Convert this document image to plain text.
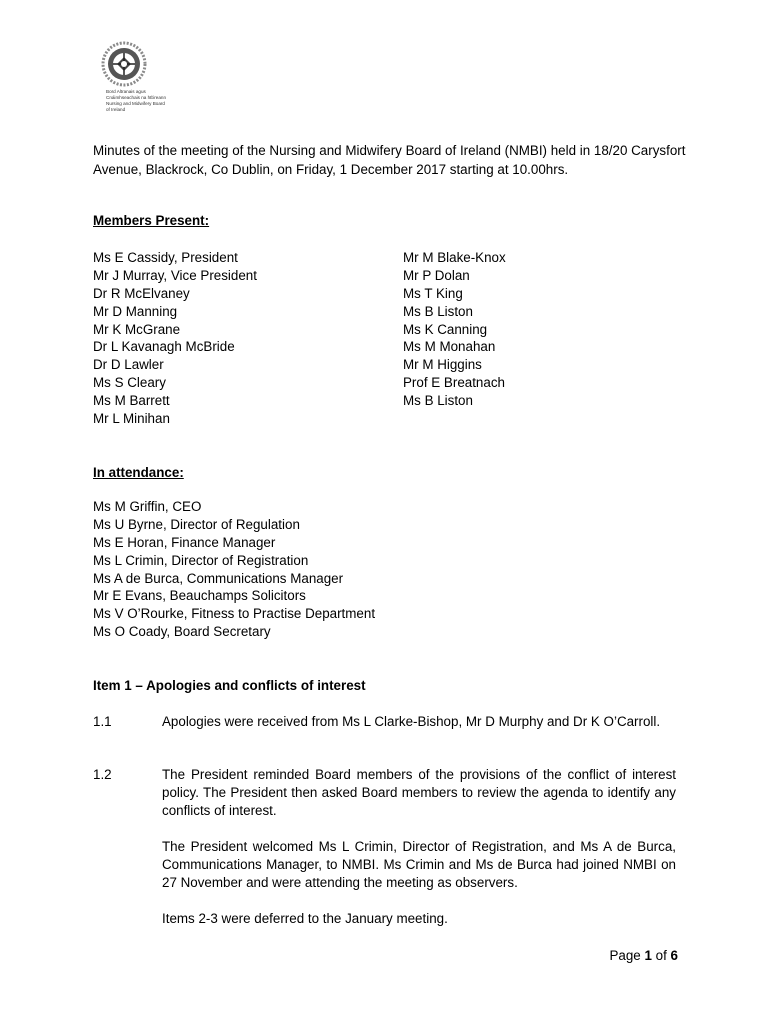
Bord Altranais agus
Cnáimhseachais na hÉireann
Nursing and Midwifery Board
of Ireland
Minutes of the meeting of the Nursing and Midwifery Board of Ireland (NMBI) held in 18/20 Carysfort Avenue, Blackrock, Co Dublin, on Friday, 1 December 2017 starting at 10.00hrs.
Members Present:
Ms E Cassidy, President
Mr J Murray, Vice President
Dr R McElvaney
Mr D Manning
Mr K McGrane
Dr L Kavanagh McBride
Dr D Lawler
Ms S Cleary
Ms M Barrett
Mr L Minihan
Mr M Blake-Knox
Mr P Dolan
Ms T King
Ms B Liston
Ms K Canning
Ms M Monahan
Mr M Higgins
Prof E Breatnach
Ms B Liston
In attendance:
Ms M Griffin, CEO
Ms U Byrne, Director of Regulation
Ms E Horan, Finance Manager
Ms L Crimin, Director of Registration
Ms A de Burca, Communications Manager
Mr E Evans, Beauchamps Solicitors
Ms V O’Rourke, Fitness to Practise Department
Ms O Coady, Board Secretary
Item 1 – Apologies and conflicts of interest
1.1	Apologies were received from Ms L Clarke-Bishop, Mr D Murphy and Dr K O’Carroll.
1.2	The President reminded Board members of the provisions of the conflict of interest policy. The President then asked Board members to review the agenda to identify any conflicts of interest.
The President welcomed Ms L Crimin, Director of Registration, and Ms A de Burca, Communications Manager, to NMBI. Ms Crimin and Ms de Burca had joined NMBI on 27 November and were attending the meeting as observers.
Items 2-3 were deferred to the January meeting.
Page 1 of 6
